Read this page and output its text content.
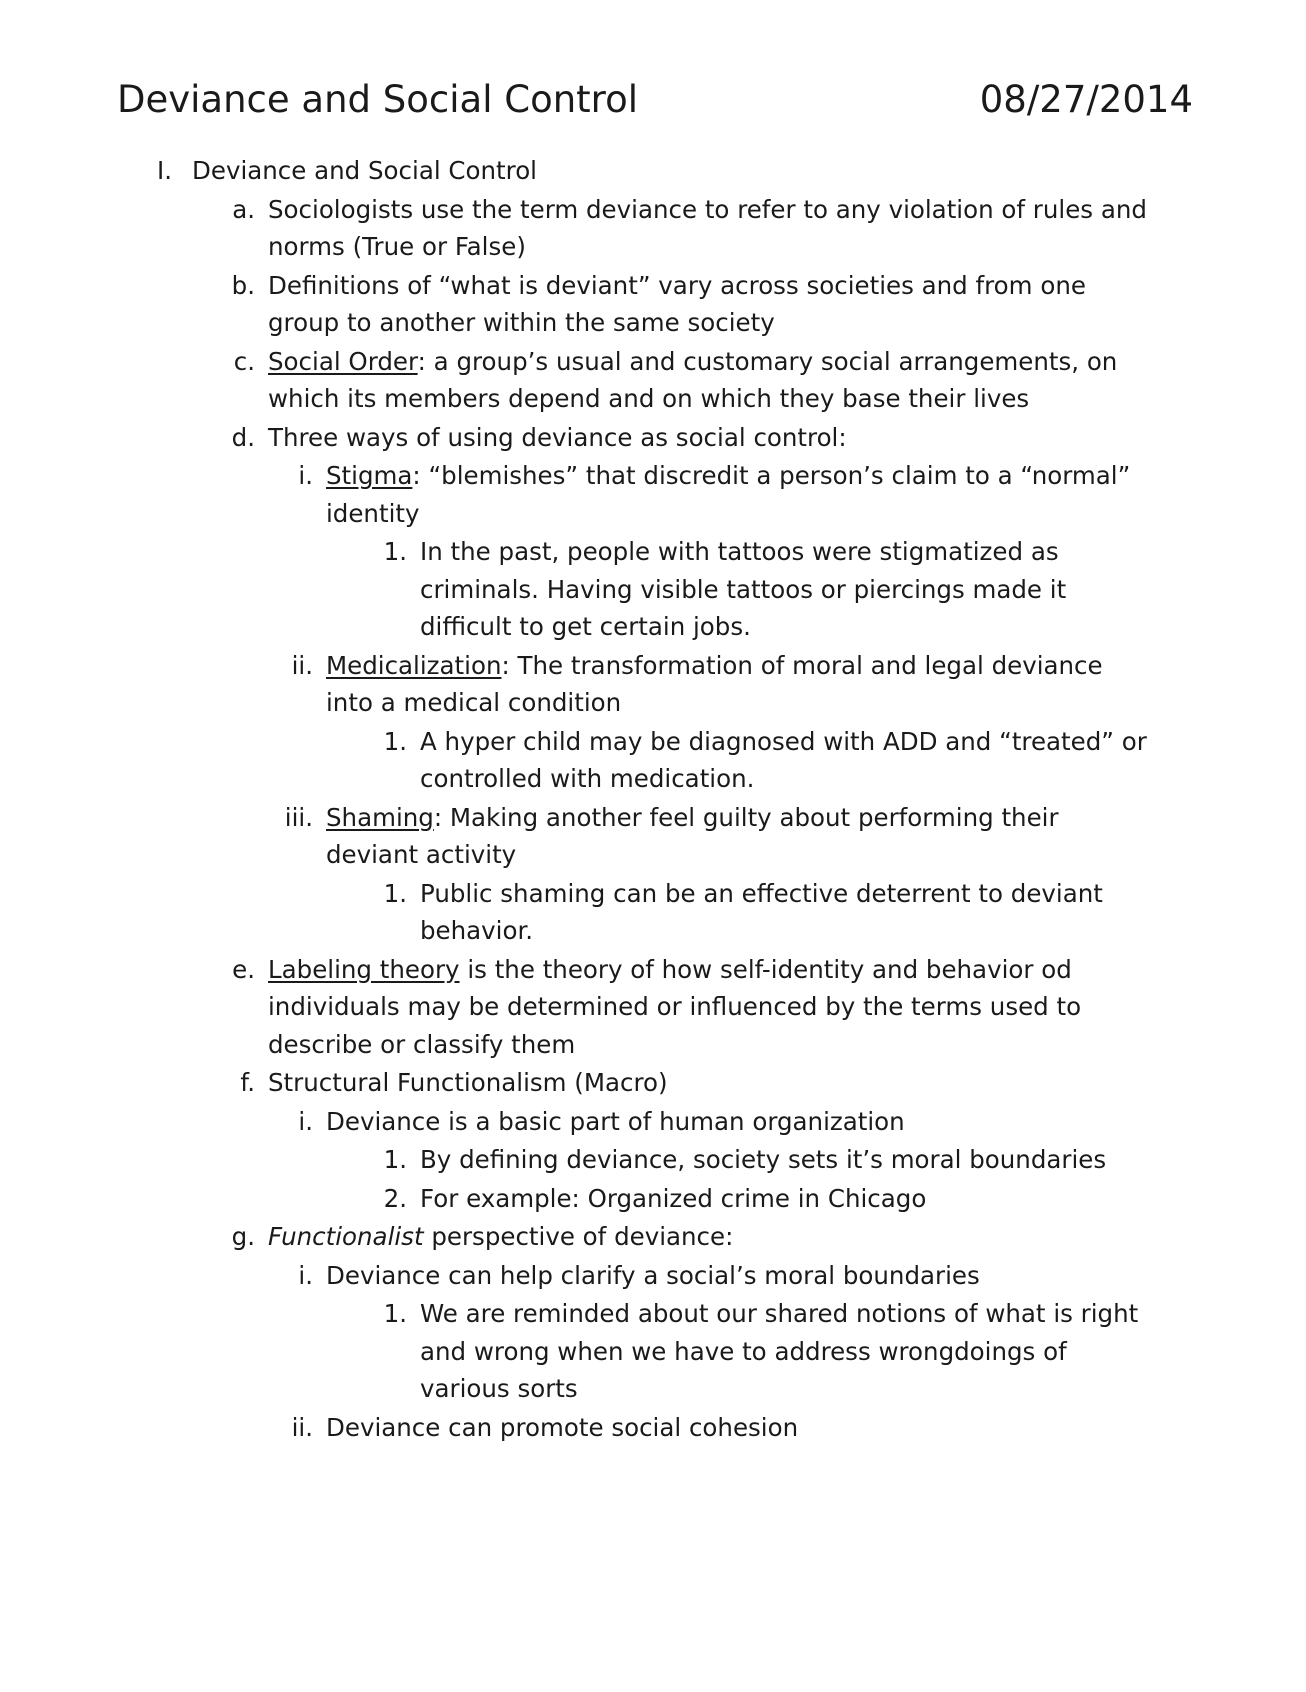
Deviance and Social Control	08/27/2014
I. Deviance and Social Control
a. Sociologists use the term deviance to refer to any violation of rules and norms (True or False)
b. Definitions of “what is deviant” vary across societies and from one group to another within the same society
c. Social Order: a group’s usual and customary social arrangements, on which its members depend and on which they base their lives
d. Three ways of using deviance as social control:
i. Stigma: “blemishes” that discredit a person’s claim to a “normal” identity
1. In the past, people with tattoos were stigmatized as criminals. Having visible tattoos or piercings made it difficult to get certain jobs.
ii. Medicalization: The transformation of moral and legal deviance into a medical condition
1. A hyper child may be diagnosed with ADD and “treated” or controlled with medication.
iii. Shaming: Making another feel guilty about performing their deviant activity
1. Public shaming can be an effective deterrent to deviant behavior.
e. Labeling theory is the theory of how self-identity and behavior od individuals may be determined or influenced by the terms used to describe or classify them
f. Structural Functionalism (Macro)
i. Deviance is a basic part of human organization
1. By defining deviance, society sets it’s moral boundaries
2. For example: Organized crime in Chicago
g. Functionalist perspective of deviance:
i. Deviance can help clarify a social’s moral boundaries
1. We are reminded about our shared notions of what is right and wrong when we have to address wrongdoings of various sorts
ii. Deviance can promote social cohesion
